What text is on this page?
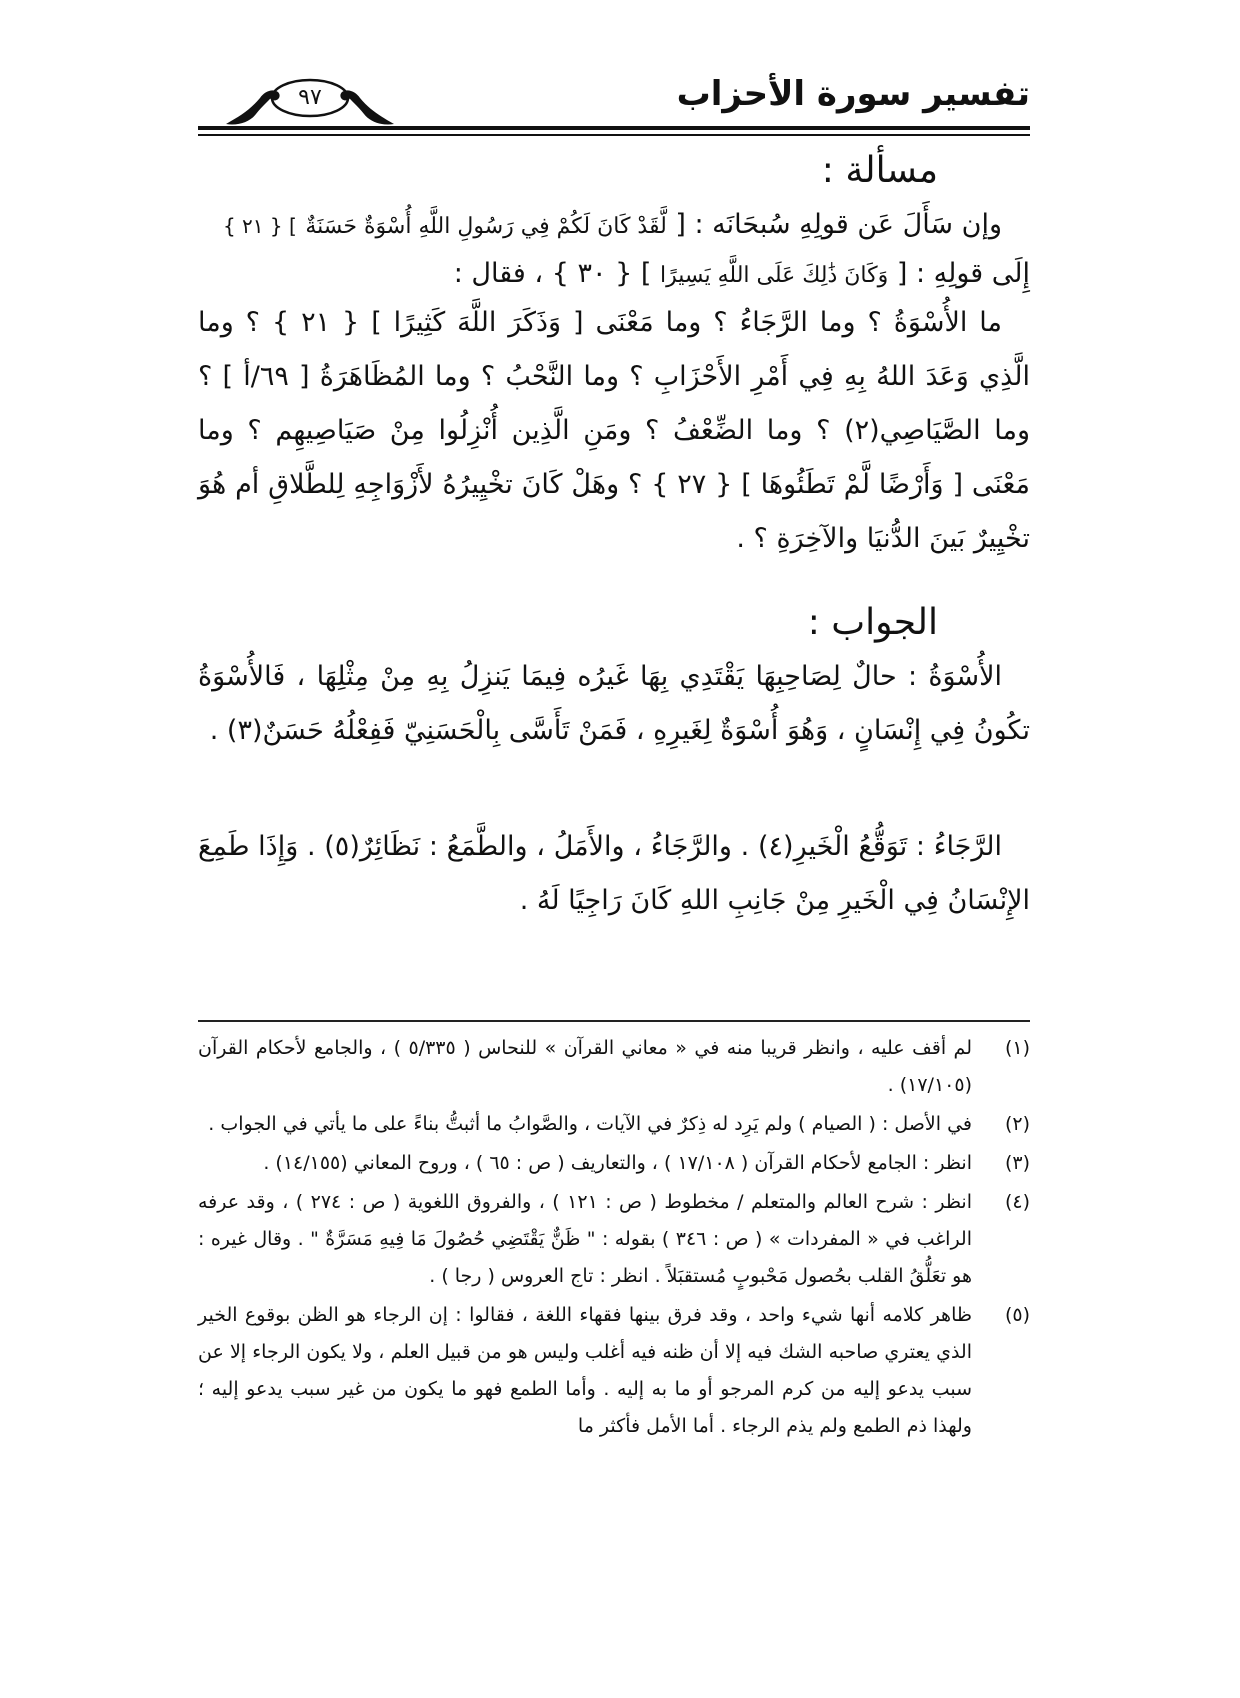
تفسير سورة الأحزاب
٩٧
مسألة :
وإن سَأَلَ عَن قولِهِ سُبحَانَه : [ لَّقَدْ كَانَ لَكُمْ فِي رَسُولِ اللَّهِ أُسْوَةٌ حَسَنَةٌ ] { ٢١ }
إِلَى قولِهِ : [ وَكَانَ ذَٰلِكَ عَلَى اللَّهِ يَسِيرًا ] { ٣٠ } ، فقال :
ما الأُسْوَةُ ؟ وما الرَّجَاءُ ؟ وما مَعْنَى [ وَذَكَرَ اللَّهَ كَثِيرًا ] { ٢١ } ؟ وما الَّذِي وَعَدَ اللهُ بِهِ فِي أَمْرِ الأَحْزَابِ ؟ وما النَّحْبُ ؟ وما المُظَاهَرَةُ [ ٦٩/أ ] ؟ وما الصَّيَاصِي(٢) ؟ وما الضِّعْفُ ؟ ومَنِ الَّذِين أُنْزِلُوا مِنْ صَيَاصِيهِم ؟ وما مَعْنَى [ وَأَرْضًا لَّمْ تَطَئُوهَا ] { ٢٧ } ؟ وهَلْ كَانَ تخْيِيرُهُ لأَزْوَاجِهِ لِلطَّلاقِ أم هُوَ تخْيِيرٌ بَينَ الدُّنيَا والآخِرَةِ ؟ .
الجواب :
الأُسْوَةُ : حالٌ لِصَاحِبِهَا يَقْتَدِي بِهَا غَيرُه فِيمَا يَنزِلُ بِهِ مِنْ مِثْلِهَا ، فَالأُسْوَةُ تكُونُ فِي إِنْسَانٍ ، وَهُوَ أُسْوَةٌ لِغَيرِهِ ، فَمَنْ تَأَسَّى بِالْحَسَنِيّ فَفِعْلُهُ حَسَنٌ(٣) .
الرَّجَاءُ : تَوَقُّعُ الْخَيرِ(٤) . والرَّجَاءُ ، والأَمَلُ ، والطَّمَعُ : نَظَائِرٌ(٥) . وَإِذَا طَمِعَ الإِنْسَانُ فِي الْخَيرِ مِنْ جَانِبِ اللهِ كَانَ رَاجِيًا لَهُ .
(١)
لم أقف عليه ، وانظر قريبا منه في « معاني القرآن » للنحاس ( ٥/٣٣٥ ) ، والجامع لأحكام القرآن (١٧/١٠٥) .
(٢)
في الأصل : ( الصيام ) ولم يَرِد له ذِكرٌ في الآيات ، والصَّوابُ ما أثبتُّ بناءً على ما يأتي في الجواب .
(٣)
انظر : الجامع لأحكام القرآن ( ١٧/١٠٨ ) ، والتعاريف ( ص : ٦٥ ) ، وروح المعاني (١٤/١٥٥) .
(٤)
انظر : شرح العالم والمتعلم / مخطوط ( ص : ١٢١ ) ، والفروق اللغوية ( ص : ٢٧٤ ) ، وقد عرفه الراغب في « المفردات » ( ص : ٣٤٦ ) بقوله : " ظَنٌّ يَقْتَضِي حُصُولَ مَا فِيهِ مَسَرَّةٌ " . وقال غيره : هو تعَلُّقُ القلب بحُصول مَحْبوبٍ مُستقبَلاً . انظر : تاج العروس ( رجا ) .
(٥)
ظاهر كلامه أنها شيء واحد ، وقد فرق بينها فقهاء اللغة ، فقالوا : إن الرجاء هو الظن بوقوع الخير الذي يعتري صاحبه الشك فيه إلا أن ظنه فيه أغلب وليس هو من قبيل العلم ، ولا يكون الرجاء إلا عن سبب يدعو إليه من كرم المرجو أو ما به إليه . وأما الطمع فهو ما يكون من غير سبب يدعو إليه ؛ ولهذا ذم الطمع ولم يذم الرجاء . أما الأمل فأكثر ما
